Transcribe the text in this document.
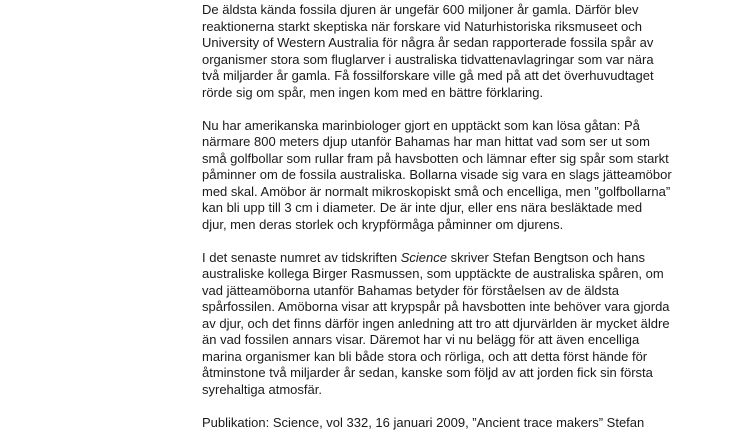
De äldsta kända fossila djuren är ungefär 600 miljoner år gamla. Därför blev
reaktionerna starkt skeptiska när forskare vid Naturhistoriska riksmuseet och
University of Western Australia för några år sedan rapporterade fossila spår av
organismer stora som fluglarver i australiska tidvattenavlagringar som var nära
två miljarder år gamla. Få fossilforskare ville gå med på att det överhuvudtaget
rörde sig om spår, men ingen kom med en bättre förklaring.

Nu har amerikanska marinbiologer gjort en upptäckt som kan lösa gåtan: På
närmare 800 meters djup utanför Bahamas har man hittat vad som ser ut som
små golfbollar som rullar fram på havsbotten och lämnar efter sig spår som starkt
påminner om de fossila australiska. Bollarna visade sig vara en slags jätteamöbor
med skal. Amöbor är normalt mikroskopiskt små och encelliga, men ”golfbollarna”
kan bli upp till 3 cm i diameter. De är inte djur, eller ens nära besläktade med
djur, men deras storlek och krypförmåga påminner om djurens.

I det senaste numret av tidskriften Science skriver Stefan Bengtson och hans
australiske kollega Birger Rasmussen, som upptäckte de australiska spåren, om
vad jätteamöborna utanför Bahamas betyder för förståelsen av de äldsta
spårfossilen. Amöborna visar att krypspår på havsbotten inte behöver vara gjorda
av djur, och det finns därför ingen anledning att tro att djurvärlden är mycket äldre
än vad fossilen annars visar. Däremot har vi nu belägg för att även encelliga
marina organismer kan bli både stora och rörliga, och att detta först hände för
åtminstone två miljarder år sedan, kanske som följd av att jorden fick sin första
syrehaltiga atmosfär.

Publikation: Science, vol 332, 16 januari 2009, ”Ancient trace makers” Stefan
